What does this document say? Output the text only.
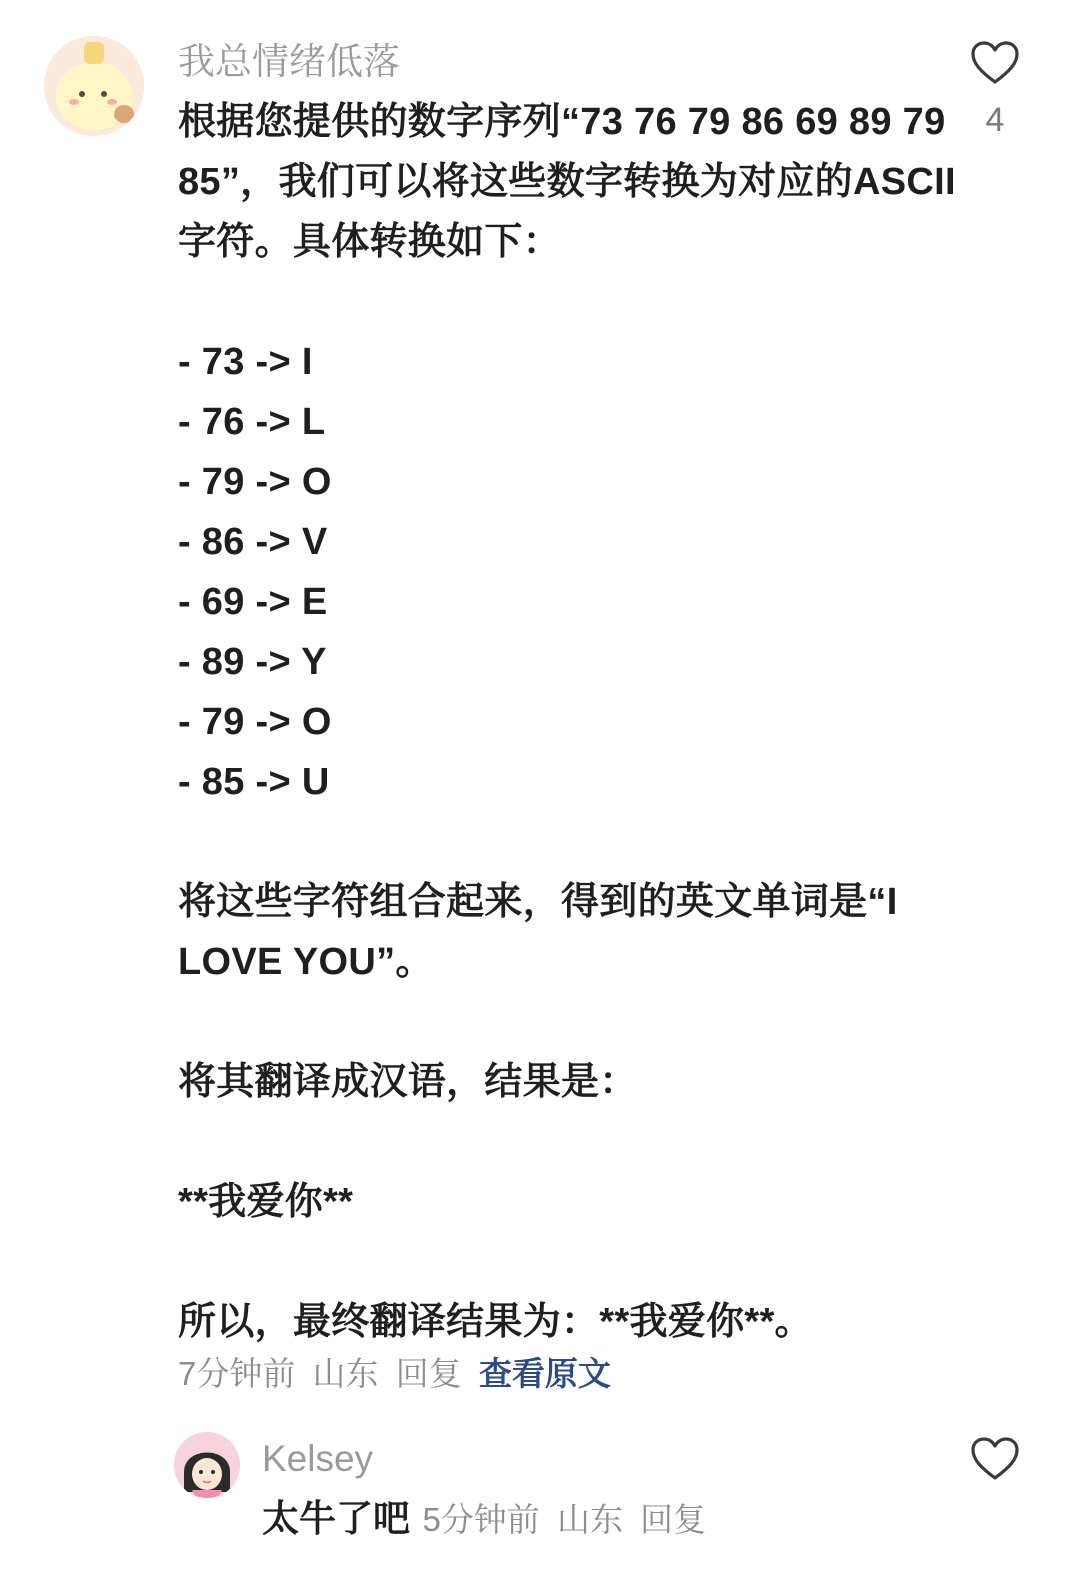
我总情绪低落

根据您提供的数字序列“73 76 79 86 69 89 79 85”，我们可以将这些数字转换为对应的ASCII字符。具体转换如下：

- 73 -> I

- 76 -> L

- 79 -> O

- 86 -> V

- 69 -> E

- 89 -> Y

- 79 -> O

- 85 -> U

将这些字符组合起来，得到的英文单词是“I LOVE YOU”。

将其翻译成汉语，结果是：

**我爱你**

所以，最终翻译结果为：**我爱你**。

4
7分钟前 山东 回复 查看原文
Kelsey
太牛了吧 5分钟前 山东 回复
